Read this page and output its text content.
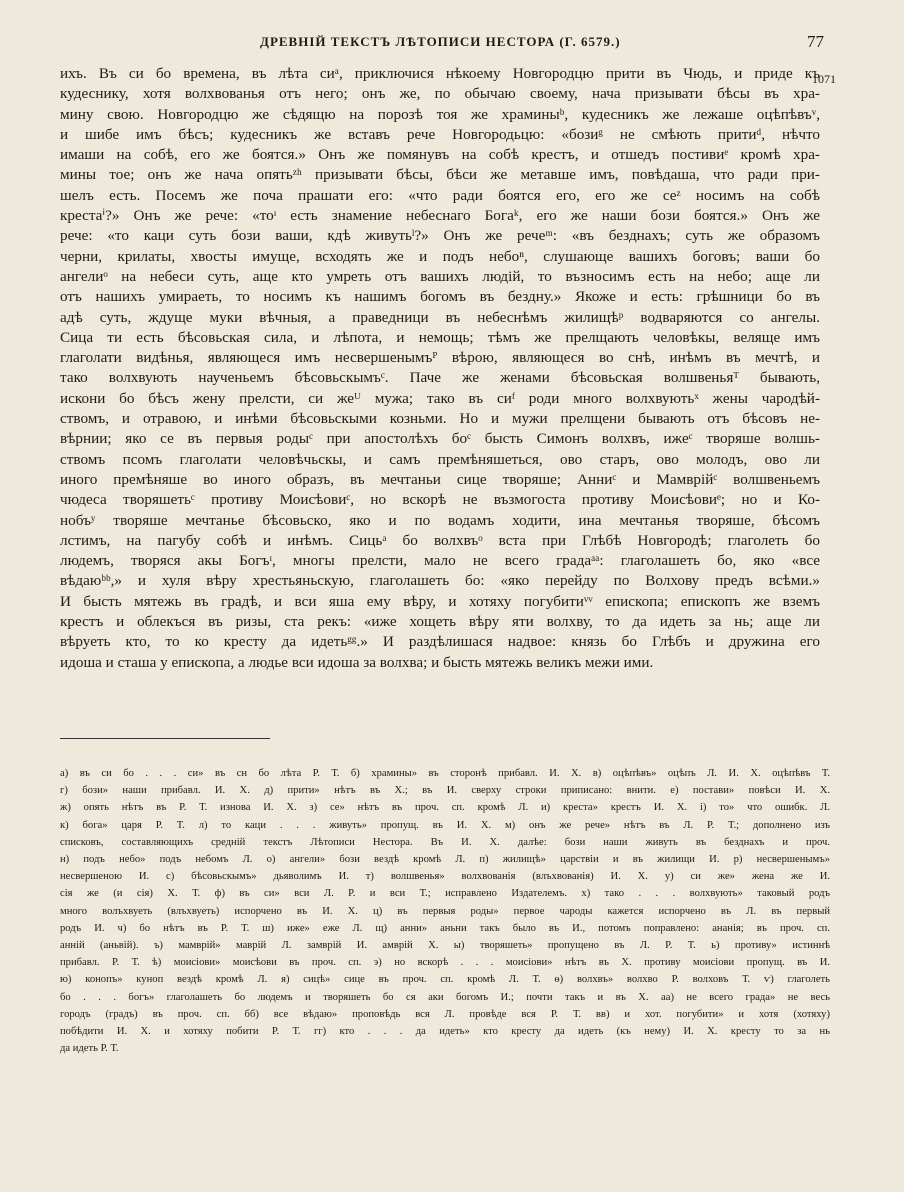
ДРЕВНІЙ ТЕКСТЪ ЛѢТОПИСИ НЕСТОРА (Г. 6579.)	77
1071
ихъ. Въ си бо времена, въ лѣта сиᵃ, приключися нѣкоему Новгородцю прити въ Чюдь, и приде къ
кудеснику, хотя волхвованья отъ него; онъ же, по обычаю своему, нача призывати бѣсы въ хра-
мину свою. Новгородцю же сѣдящю на порозѣ тоя же храминыᵇ, кудесникъ же лежаше оцѣпѣвъᵛ,
и шибе имъ бѣсъ; кудесникъ же вставъ рече Новгородьцю: «бозиᵍ не смѣють притиᵈ, нѣчто
имаши на собѣ, его же боятся.» Онъ же помянувъ на собѣ крестъ, и отшедъ постивиᵉ кромѣ хра-
мины тое; онъ же нача опятьᶻʰ призывати бѣсы, бѣси же метавше имъ, повѣдаша, что ради при-
шелъ есть. Посемъ же поча прашати его: «что ради боятся его, его же сеᶻ носимъ на собѣ
крестаⁱ?» Онъ же рече: «тоᶦ есть знамение небеснаго Богаᵏ, его же наши бози боятся.» Онъ же
рече: «то каци суть бози ваши, кдѣ живутьˡ?» Онъ же речеᵐ: «въ безднахъ; суть же образомъ
черни, крилаты, хвосты имуще, всходять же и подъ небоⁿ, слушающе вашихъ боговъ; ваши бо
ангелиᵒ на небеси суть, аще кто умреть отъ вашихъ людій, то възносимъ есть на небо; аще ли
отъ нашихъ умираеть, то носимъ къ нашимъ богомъ въ бездну.» Якоже и есть: грѣшници бо въ
адѣ суть, ждуще муки вѣчныя, а праведници въ небеснѣмъ жилищѣᵖ водваряются со ангелы.
Сица ти есть бѣсовьская сила, и лѣпота, и немощь; тѣмъ же прелщають человѣкы, велящe имъ
глаголати видѣнья, являющеся имъ несвершенымъᴾ вѣрою, являющеся во снѣ, инѣмъ въ мечтѣ, и
тако волхвують наученьемъ бѣсовьскымъᶜ. Паче же женами бѣсовьская волшвеньяᵀ бывають,
искони бо бѣсъ жену прелсти, си жеᵁ мужа; тако въ сиᶠ роди много волхвуютьˣ жены чародѣй-
ствомъ, и отравою, и инѣми бѣсовьскыми козньми. Но и мужи прелщени бывають отъ бѣсовъ не-
вѣрнии; яко се въ первыя родыᶜ при апостолѣхъ боᶜ бысть Симонъ волхвъ, ижеᶜ творяше волшь-
ствомъ псомъ глаголати человѣчьскы, и самъ премѣняшеться, ово старъ, ово молодъ, ово ли
иного премѣняше во иного образъ, въ мечтаньи сице творяше; Анниᶜ и Мамврійᶜ волшвеньемъ
чюдеса творяшетьᶜ противу Моисѣовиᶜ, но вскорѣ не възмогоста противу Моисѣовиᵉ; но и Ко-
нобъʸ творяше мечтанье бѣсовьско, яко и по водамъ ходити, ина мечтанья творяше, бѣсомъ
лстимъ, на пагубу собѣ и инѣмъ. Сицьᵃ бо волхвъᵒ вста при Глѣбѣ Новгородѣ; глаголеть бо
людемъ, творяся акы Богъᶦ, многы прелсти, мало не всего градаᵃᵃ: глаголашеть бо, яко «все
вѣдаюᵇᵇ,» и хуля вѣру хрестьяньскую, глаголашеть бо: «яко перейду по Волхову предъ всѣми.»
И бысть мятежь въ градѣ, и вси яша ему вѣру, и хотяху погубитиᵛᵛ епископа; епископъ же вземъ
крестъ и облекъся въ ризы, ста рекъ: «иже хощеть вѣру яти волхву, то да идеть за нь; аще ли
вѣруеть кто, то ко кресту да идетьᵍᵍ.» И раздѣлишася надвое: князь бо Глѣбъ и дружина его
идоша и сташа у епископа, а людье вси идоша за волхва; и бысть мятежь великъ межи ими.
а) въ си бо . . . си» въ сн бо лѣта Р. Т. б) храмины» въ сторонѣ прибавл. И. Х. в) оцѣпѣвъ» оцѣпъ Л. И. Х. оцѣпѣвъ Т.
г) бози» наши прибавл. И. Х. д) прити» нѣтъ въ Х.; въ И. сверху строки приписано: внити. е) постави» повѣси И. Х.
ж) опять нѣтъ въ Р. Т. изнова И. Х. з) се» нѣтъ въ проч. сп. кромѣ Л. и) креста» крестъ И. Х. і) то» что ошибк. Л.
к) бога» царя Р. Т. л) то каци . . . живуть» пропущ. въ И. Х. м) онъ же рече» нѣтъ въ Л. Р. Т.; дополнено изъ
списковъ, составляющихъ средній текстъ Лѣтописи Нестора. Въ И. Х. далѣе: бози наши живуть въ безднахъ и проч.
н) подъ небо» подъ небомъ Л. о) ангели» бози вездѣ кромѣ Л. п) жилищѣ» царствіи и въ жилищи И. р) несвершенымъ»
несвершеною И. с) бѣсовьскымъ» дьяволимъ И. т) волшвенья» волхвованія (влъхвованія) И. Х. у) си же» жена же И.
сія же (и сія) Х. Т. ф) въ си» вси Л. Р. и вси Т.; исправлено Издателемъ. х) тако . . . волхвують» таковый родъ
много волъхвуеть (влъхвуеть) испорчено въ И. Х. ц) въ первыя роды» первое чароды кажется испорчено въ Л. въ первый
родъ И. ч) бо нѣтъ въ Р. Т. ш) иже» еже Л. щ) анни» аньни такъ было въ И., потомъ поправлено: ананія; въ проч. сп.
анній (аньвій). ъ) мамврій» маврій Л. замврій И. амврій Х. ы) творяшеть» пропущено въ Л. Р. Т. ь) противу» истиннѣ
прибавл. Р. Т. ѣ) моисіови» моисѣови въ проч. сп. э) но вскорѣ . . . моисіови» нѣтъ въ Х. противу моисіови пропущ. въ И.
ю) конопъ» куноп вездѣ кромѣ Л. я) сицѣ» сице въ проч. сп. кромѣ Л. Т. ѳ) волхвъ» волхво Р. волховъ Т. ѵ) глаголеть
бо . . . богъ» глаголашеть бо людемъ и творяшеть бо ся аки богомъ И.; почти такъ и въ Х. аа) не всего града» не весь
городъ (градъ) въ проч. сп. бб) все вѣдаю» проповѣдь вся Л. провѣде вся Р. Т. вв) и хот. погубити» и хотя (хотяху)
побѣдити И. Х. и хотяху побити Р. Т. гг) кто . . . да идеть» кто кресту да идеть (къ нему) И. Х. кресту то за нь
да идеть Р. Т.
